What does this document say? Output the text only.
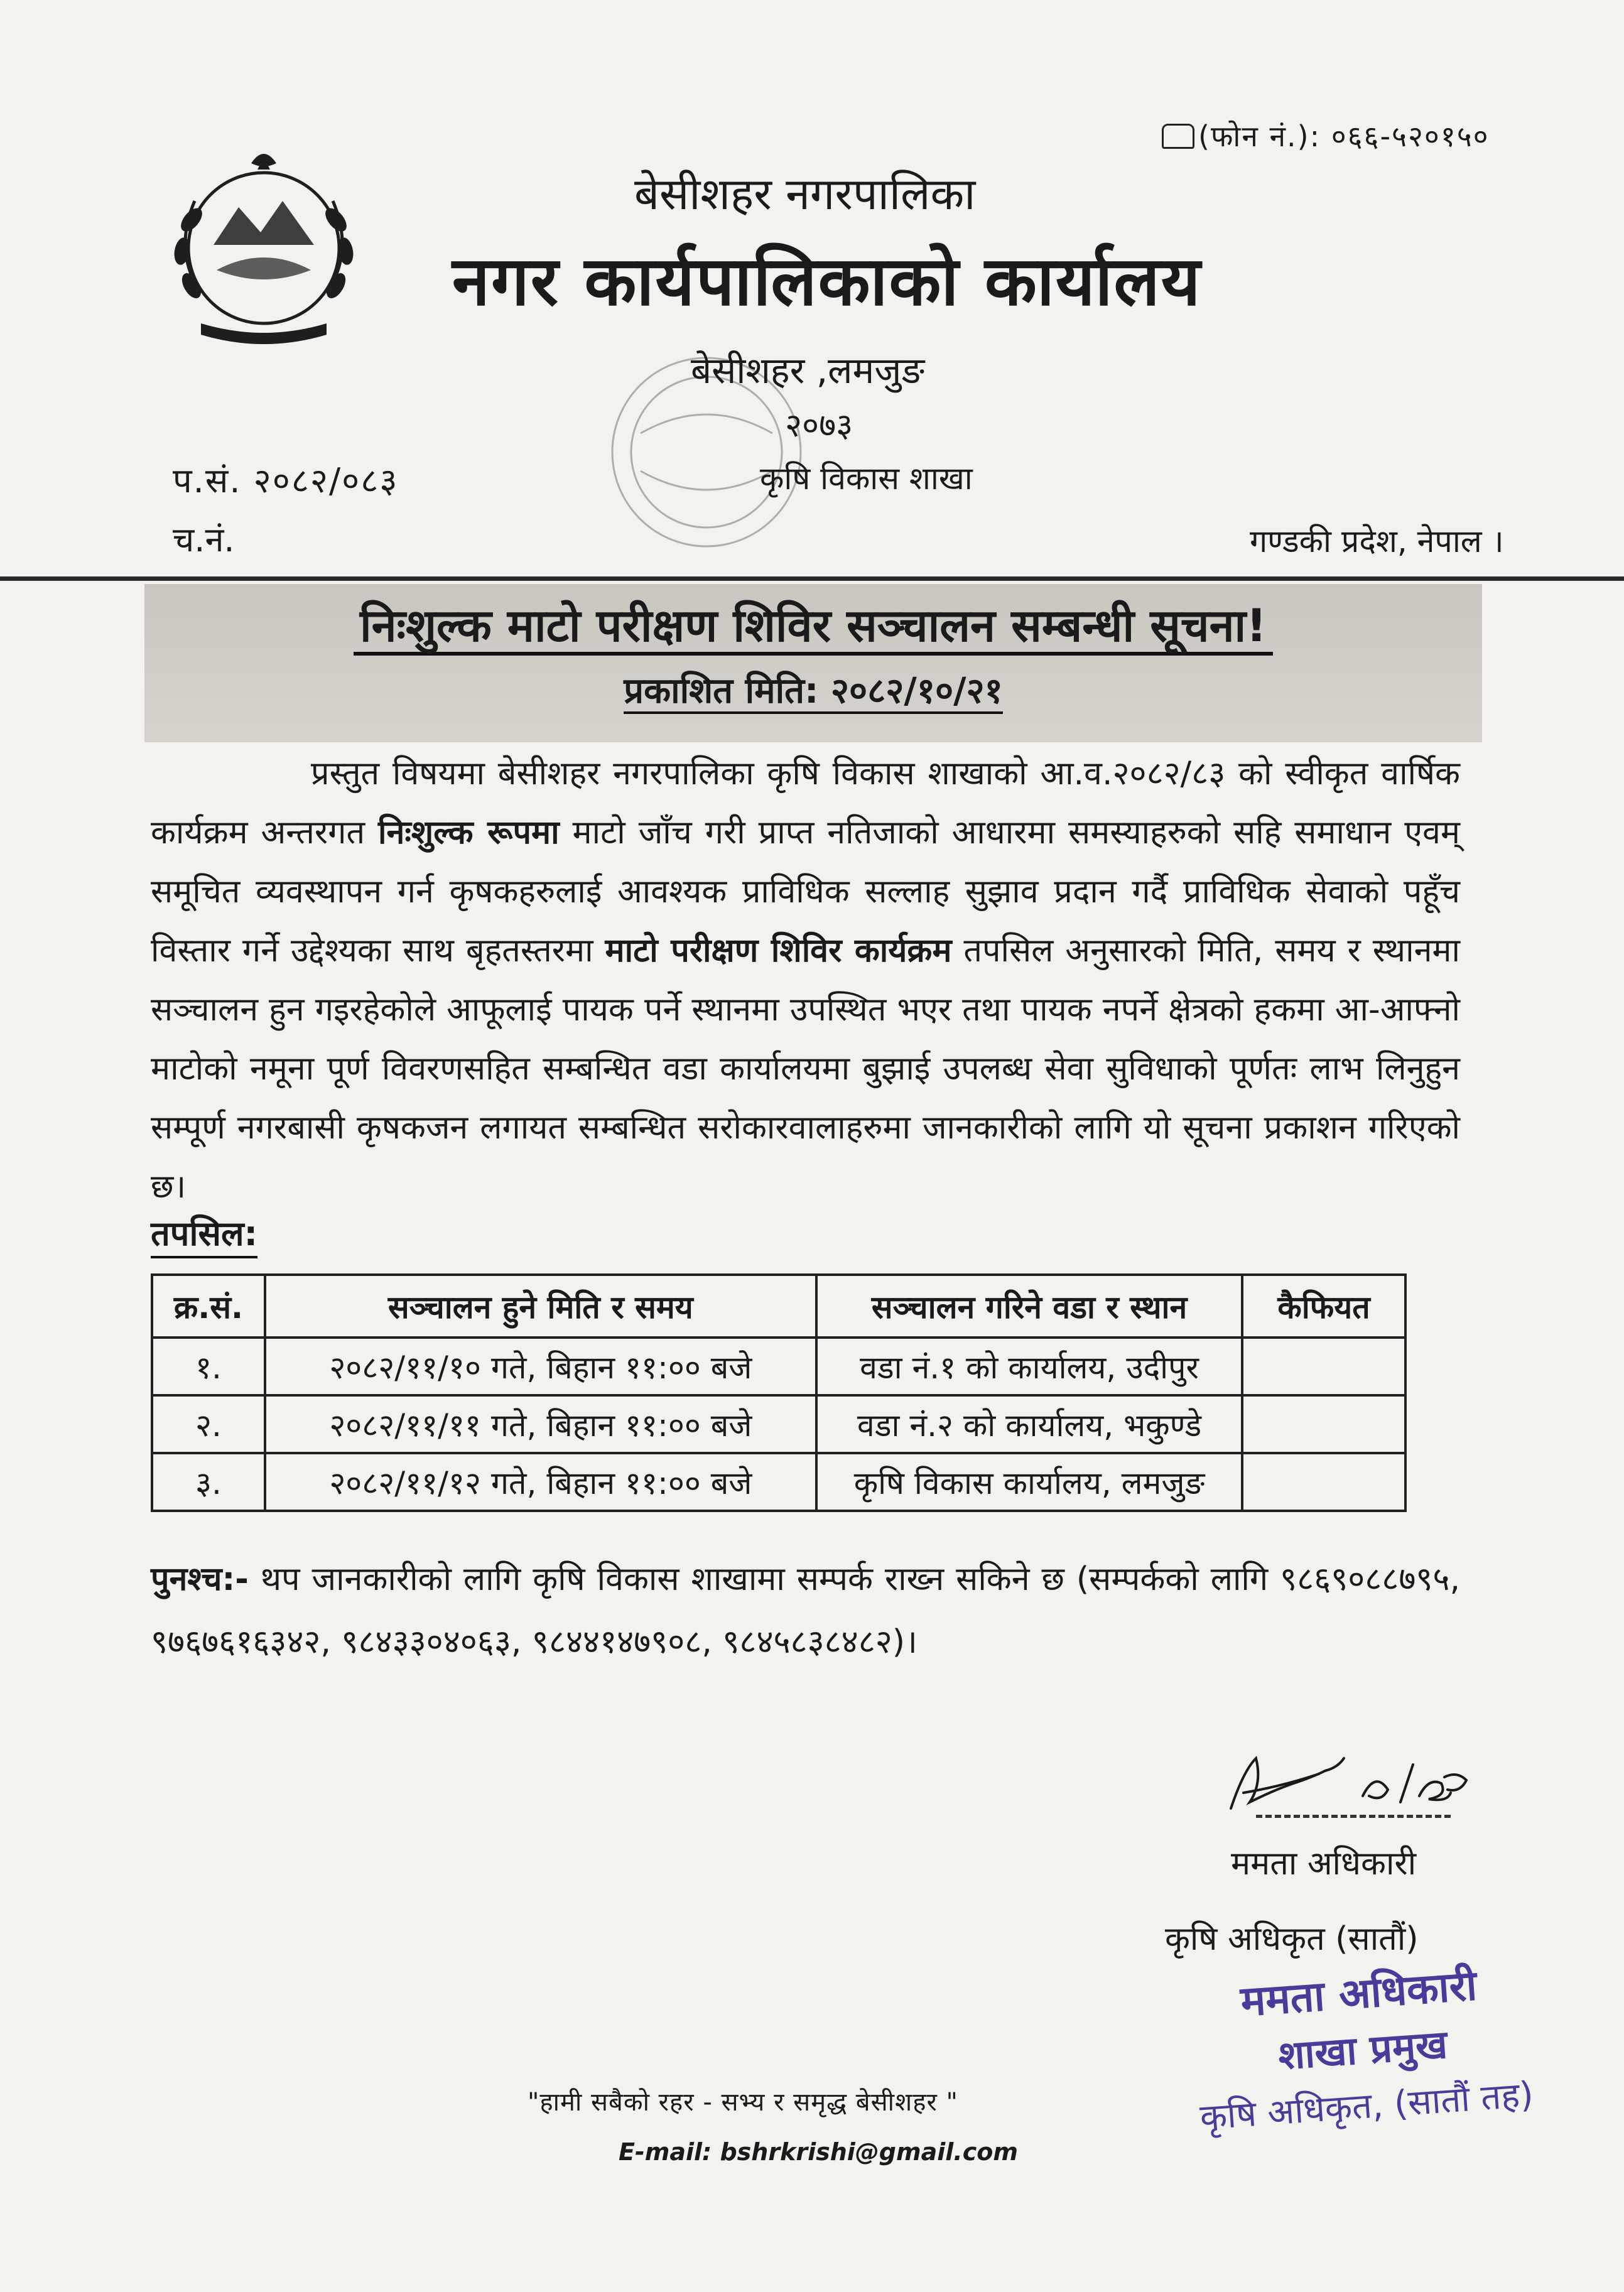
(फोन नं.): ०६६-५२०१५०
बेसीशहर नगरपालिका
नगर कार्यपालिकाको कार्यालय
बेसीशहर ,लमजुङ
२०७३
कृषि विकास शाखा
प.सं. २०८२/०८३
च.नं.	गण्डकी प्रदेश, नेपाल ।
निःशुल्क माटो परीक्षण शिविर सञ्चालन सम्बन्धी सूचना!
प्रकाशित मिति: २०८२/१०/२१
प्रस्तुत विषयमा बेसीशहर नगरपालिका कृषि विकास शाखाको आ.व.२०८२/८३ को स्वीकृत वार्षिक कार्यक्रम अन्तरगत निःशुल्क रूपमा माटो जाँच गरी प्राप्त नतिजाको आधारमा समस्याहरुको सहि समाधान एवम् समूचित व्यवस्थापन गर्न कृषकहरुलाई आवश्यक प्राविधिक सल्लाह सुझाव प्रदान गर्दै प्राविधिक सेवाको पहूँच विस्तार गर्ने उद्देश्यका साथ बृहतस्तरमा माटो परीक्षण शिविर कार्यक्रम तपसिल अनुसारको मिति, समय र स्थानमा सञ्चालन हुन गइरहेकोले आफूलाई पायक पर्ने स्थानमा उपस्थित भएर तथा पायक नपर्ने क्षेत्रको हकमा आ-आफ्नो माटोको नमूना पूर्ण विवरणसहित सम्बन्धित वडा कार्यालयमा बुझाई उपलब्ध सेवा सुविधाको पूर्णतः लाभ लिनुहुन सम्पूर्ण नगरबासी कृषकजन लगायत सम्बन्धित सरोकारवालाहरुमा जानकारीको लागि यो सूचना प्रकाशन गरिएको छ।
तपसिल:
क्र.सं.	सञ्चालन हुने मिति र समय	सञ्चालन गरिने वडा र स्थान	कैफियत
१.	२०८२/११/१० गते, बिहान ११:०० बजे	वडा नं.१ को कार्यालय, उदीपुर	
२.	२०८२/११/११ गते, बिहान ११:०० बजे	वडा नं.२ को कार्यालय, भकुण्डे	
३.	२०८२/११/१२ गते, बिहान ११:०० बजे	कृषि विकास कार्यालय, लमजुङ	
पुनश्च:- थप जानकारीको लागि कृषि विकास शाखामा सम्पर्क राख्न सकिने छ (सम्पर्कको लागि ९८६९०८८७९५, ९७६७६१६३४२, ९८४३३०४०६३, ९८४४१४७९०८, ९८४५८३८४८२)।
ममता अधिकारी
कृषि अधिकृत (सातौं)
ममता अधिकारी
शाखा प्रमुख
कृषि अधिकृत, (सातौं तह)
"हामी सबैको रहर - सभ्य र समृद्ध बेसीशहर "
E-mail: bshrkrishi@gmail.com
